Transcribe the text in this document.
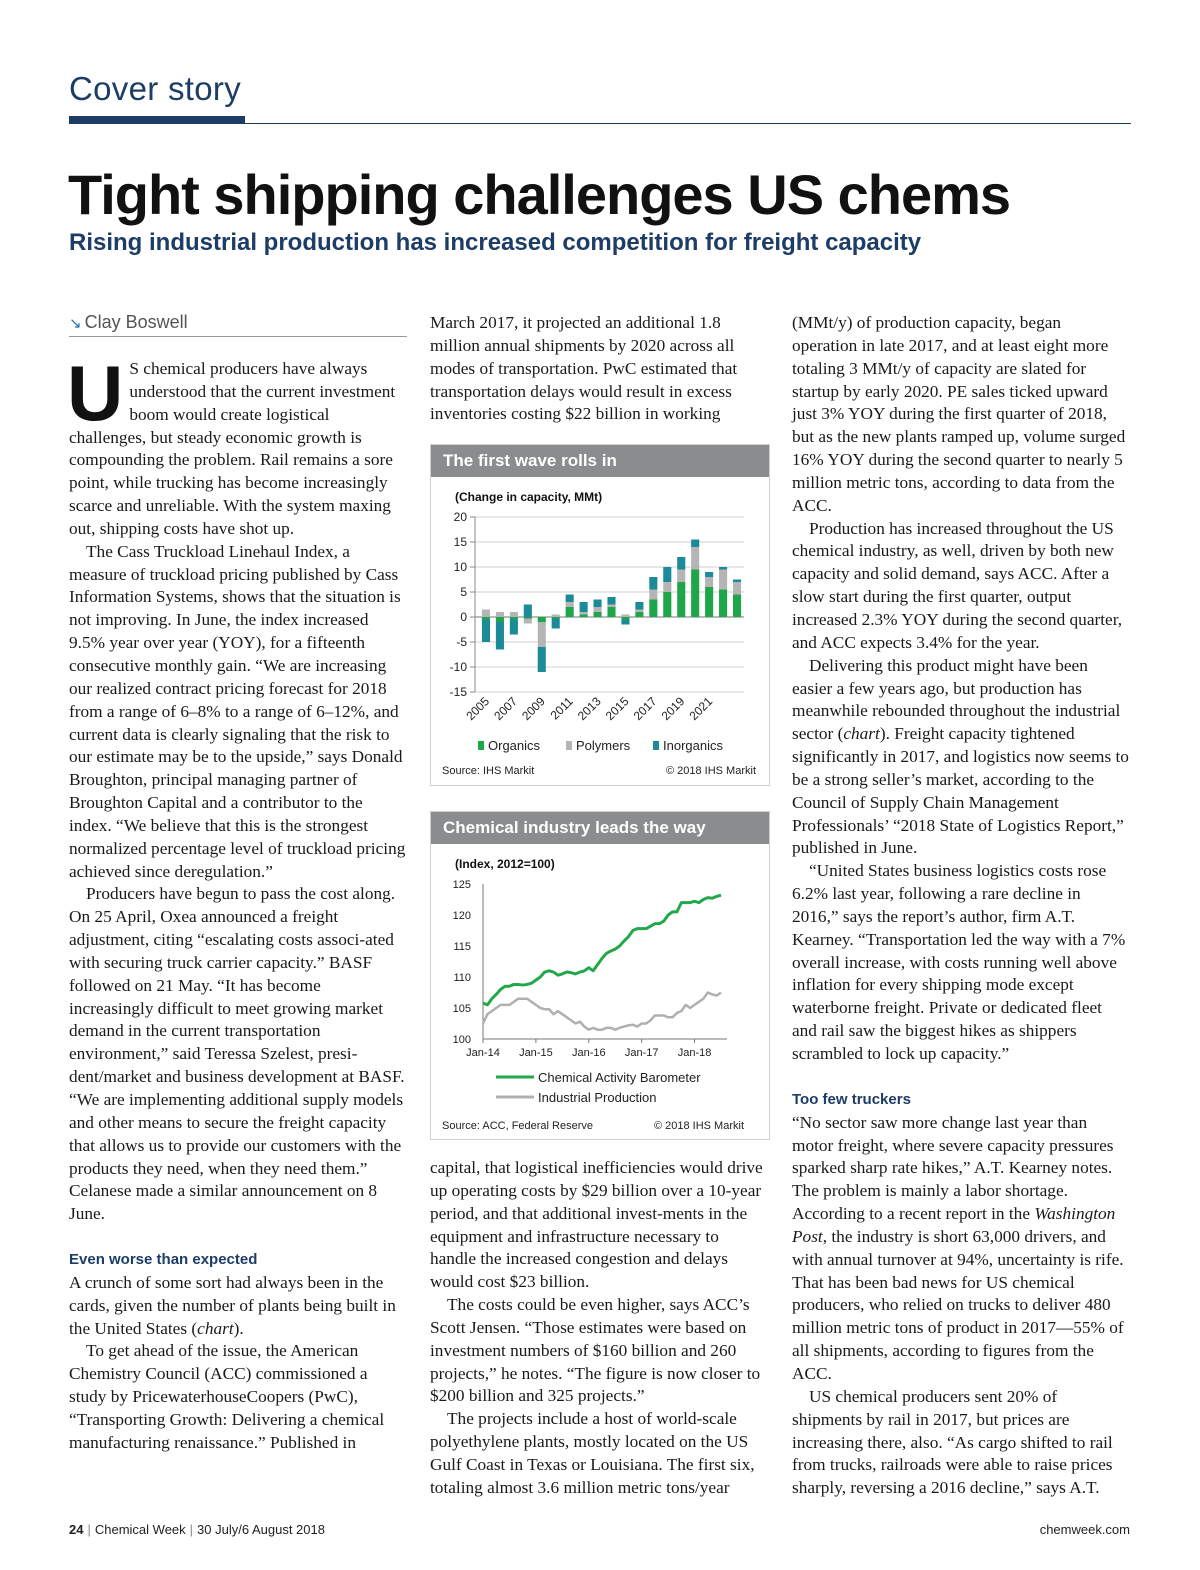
Cover story
Tight shipping challenges US chems
Rising industrial production has increased competition for freight capacity
↘ Clay Boswell

U S chemical producers have always understood that the current investment boom would create logistical challenges, but steady economic growth is compounding the problem. Rail remains a sore point, while trucking has become increasingly scarce and unreliable. With the system maxing out, shipping costs have shot up.

The Cass Truckload Linehaul Index, a measure of truckload pricing published by Cass Information Systems, shows that the situation is not improving. In June, the index increased 9.5% year over year (YOY), for a fifteenth consecutive monthly gain. “We are increasing our realized contract pricing forecast for 2018 from a range of 6–8% to a range of 6–12%, and current data is clearly signaling that the risk to our estimate may be to the upside,” says Donald Broughton, principal managing partner of Broughton Capital and a contributor to the index. “We believe that this is the strongest normalized percentage level of truckload pricing achieved since deregulation.”

Producers have begun to pass the cost along. On 25 April, Oxea announced a freight adjustment, citing “escalating costs associ-ated with securing truck carrier capacity.” BASF followed on 21 May. “It has become increasingly difficult to meet growing market demand in the current transportation environment,” said Teressa Szelest, presi-dent/market and business development at BASF. “We are implementing additional supply models and other means to secure the freight capacity that allows us to provide our customers with the products they need, when they need them.” Celanese made a similar announcement on 8 June.

Even worse than expected

A crunch of some sort had always been in the cards, given the number of plants being built in the United States (chart).

To get ahead of the issue, the American Chemistry Council (ACC) commissioned a study by PricewaterhouseCoopers (PwC), “Transporting Growth: Delivering a chemical manufacturing renaissance.” Published in

March 2017, it projected an additional 1.8 million annual shipments by 2020 across all modes of transportation. PwC estimated that transportation delays would result in excess inventories costing $22 billion in working

The first wave rolls in
(Change in capacity, MMt)
20
15
10
5
0
-5
-10
-15
2005 2007 2009 2011 2013 2015 2017 2019 2021
Organics	Polymers	Inorganics
Source: IHS Markit	© 2018 IHS Markit
Chemical industry leads the way
(Index, 2012=100)
125
120
115
110
105
100
Jan-14 Jan-15 Jan-16 Jan-17 Jan-18
Chemical Activity Barometer
Industrial Production
Source: ACC, Federal Reserve	© 2018 IHS Markit

capital, that logistical inefficiencies would drive up operating costs by $29 billion over a 10-year period, and that additional invest-ments in the equipment and infrastructure necessary to handle the increased congestion and delays would cost $23 billion.

The costs could be even higher, says ACC’s Scott Jensen. “Those estimates were based on investment numbers of $160 billion and 260 projects,” he notes. “The figure is now closer to $200 billion and 325 projects.”

The projects include a host of world-scale polyethylene plants, mostly located on the US Gulf Coast in Texas or Louisiana. The first six, totaling almost 3.6 million metric tons/year

(MMt/y) of production capacity, began operation in late 2017, and at least eight more totaling 3 MMt/y of capacity are slated for startup by early 2020. PE sales ticked upward just 3% YOY during the first quarter of 2018, but as the new plants ramped up, volume surged 16% YOY during the second quarter to nearly 5 million metric tons, according to data from the ACC.

Production has increased throughout the US chemical industry, as well, driven by both new capacity and solid demand, says ACC. After a slow start during the first quarter, output increased 2.3% YOY during the second quarter, and ACC expects 3.4% for the year.

Delivering this product might have been easier a few years ago, but production has meanwhile rebounded throughout the industrial sector (chart). Freight capacity tightened significantly in 2017, and logistics now seems to be a strong seller’s market, according to the Council of Supply Chain Management Professionals’ “2018 State of Logistics Report,” published in June.

“United States business logistics costs rose 6.2% last year, following a rare decline in 2016,” says the report’s author, firm A.T. Kearney. “Transportation led the way with a 7% overall increase, with costs running well above inflation for every shipping mode except waterborne freight. Private or dedicated fleet and rail saw the biggest hikes as shippers scrambled to lock up capacity.”

Too few truckers

“No sector saw more change last year than motor freight, where severe capacity pressures sparked sharp rate hikes,” A.T. Kearney notes. The problem is mainly a labor shortage. According to a recent report in the Washington Post, the industry is short 63,000 drivers, and with annual turnover at 94%, uncertainty is rife. That has been bad news for US chemical producers, who relied on trucks to deliver 480 million metric tons of product in 2017—55% of all shipments, according to figures from the ACC.

US chemical producers sent 20% of shipments by rail in 2017, but prices are increasing there, also. “As cargo shifted to rail from trucks, railroads were able to raise prices sharply, reversing a 2016 decline,” says A.T.

24 | Chemical Week | 30 July/6 August 2018	chemweek.com
